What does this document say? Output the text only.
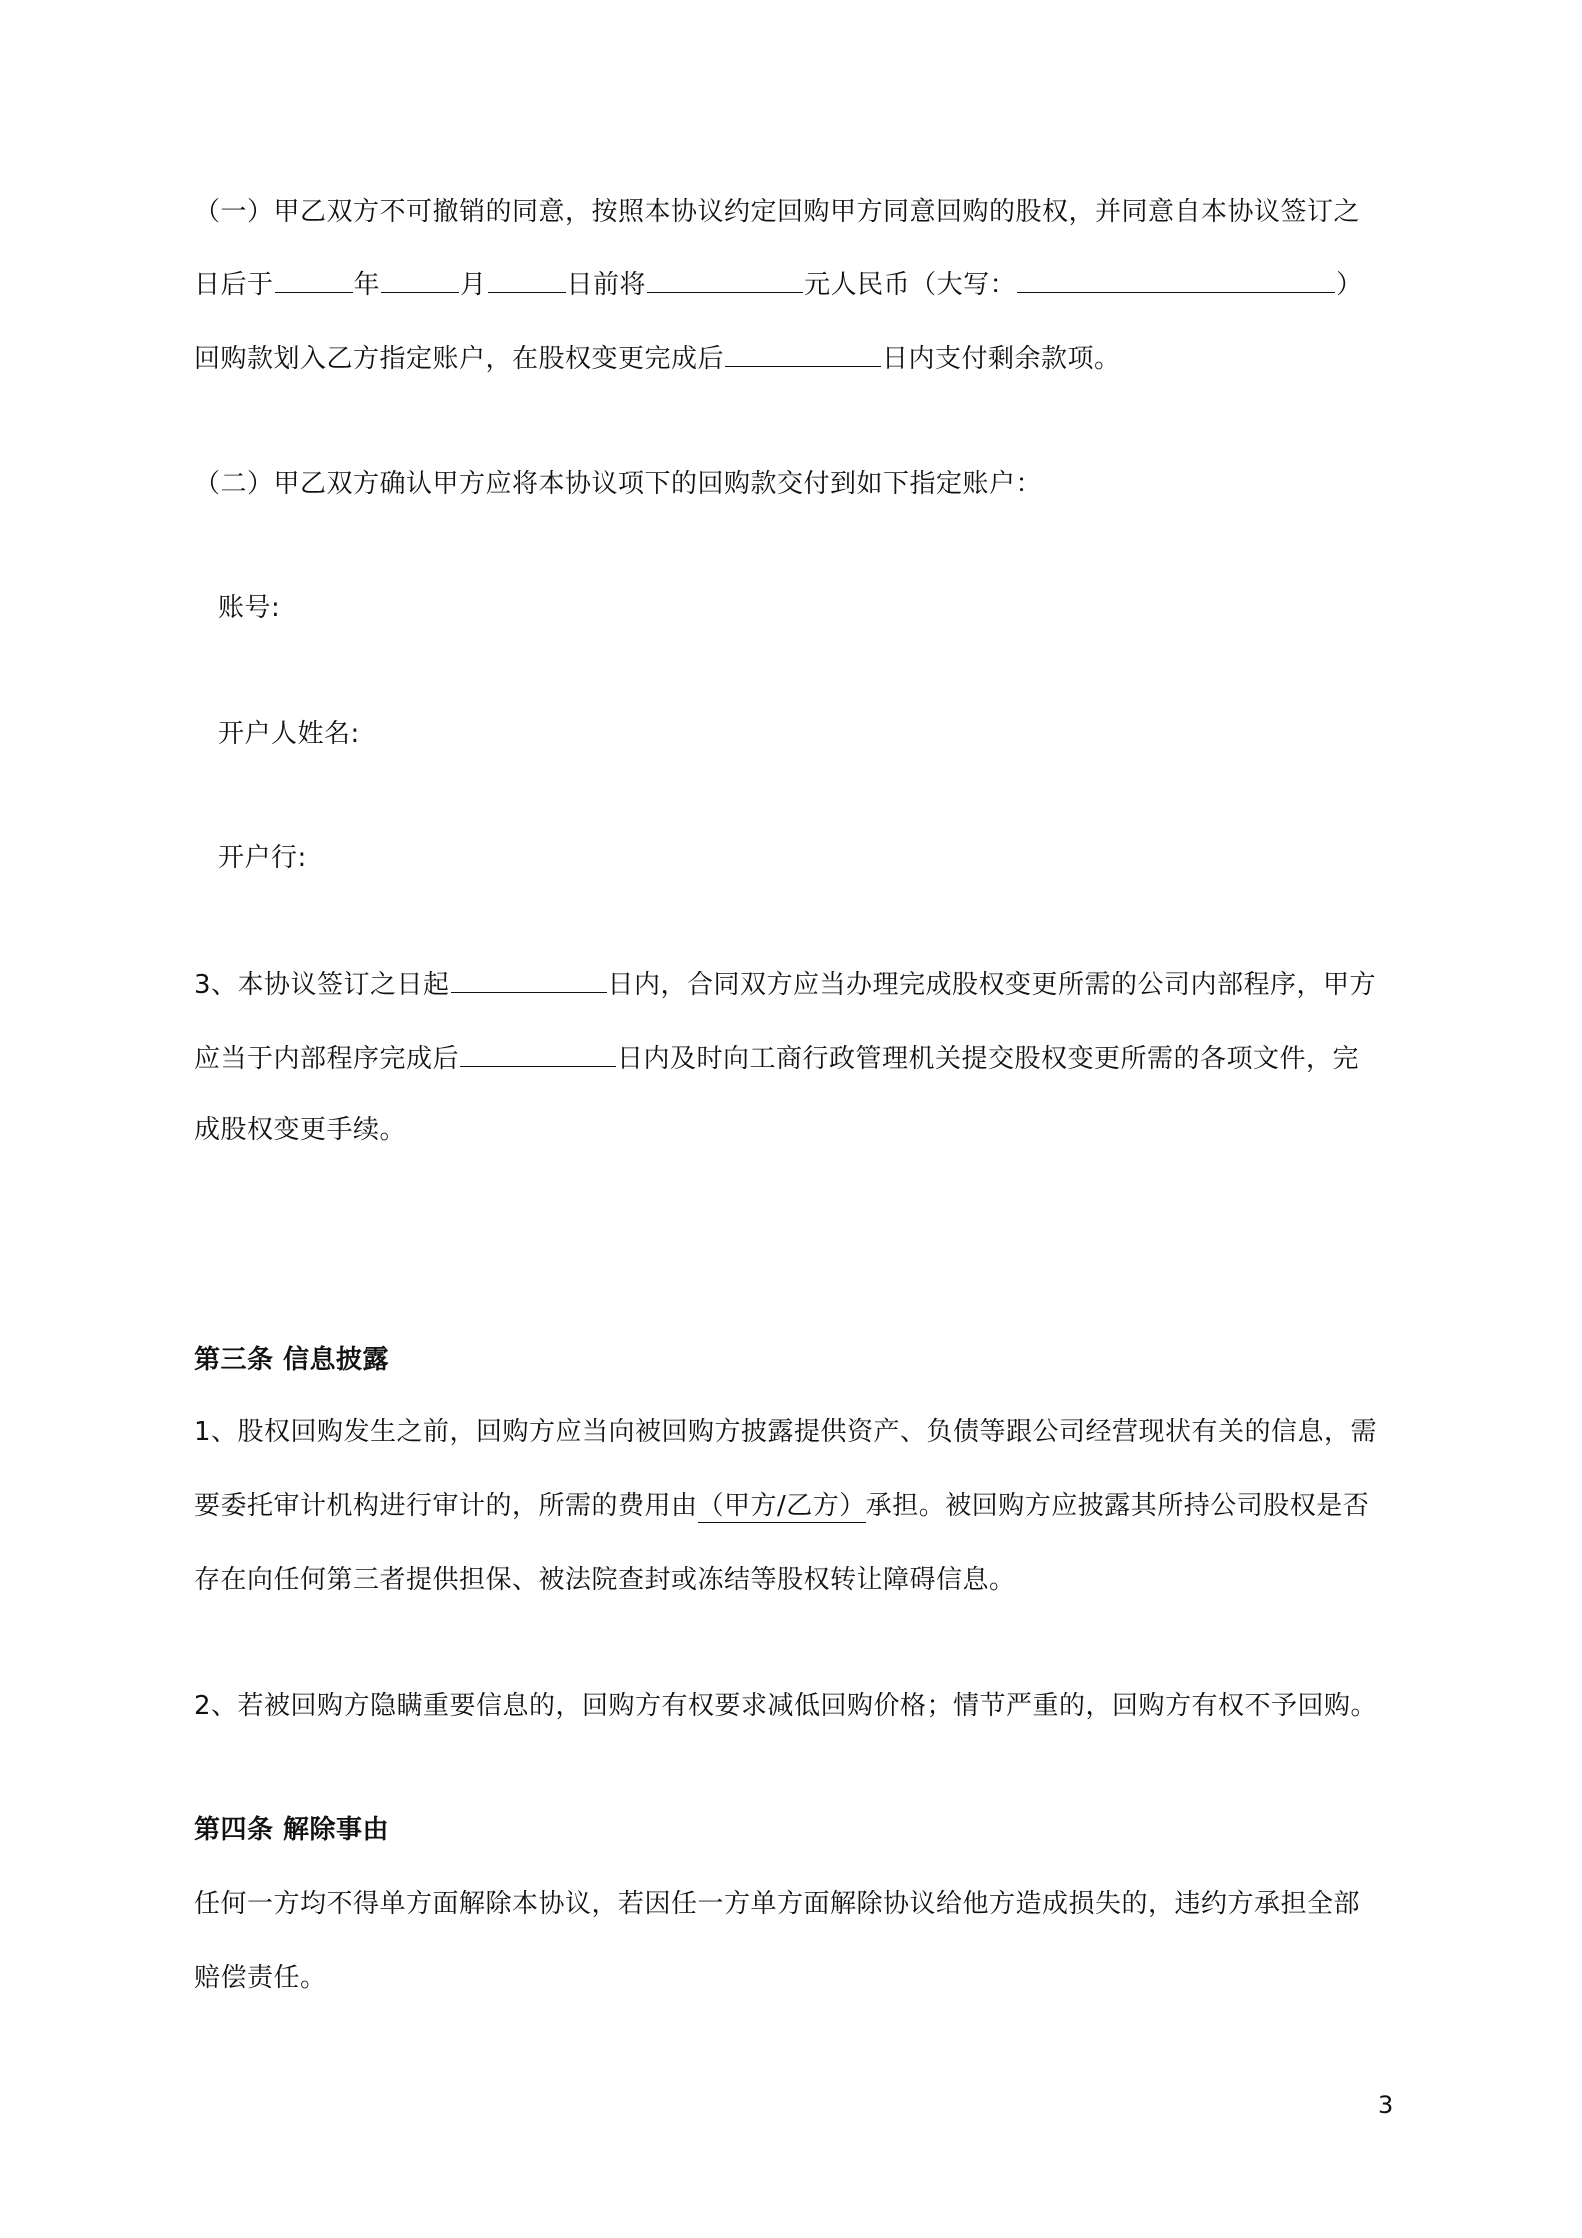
（一）甲乙双方不可撤销的同意，按照本协议约定回购甲方同意回购的股权，并同意自本协议签订之
日后于	年	月	日前将	元人民币（大写：	）
回购款划入乙方指定账户，在股权变更完成后	日内支付剩余款项。
（二）甲乙双方确认甲方应将本协议项下的回购款交付到如下指定账户：
账号:
开户人姓名:
开户行:
3、本协议签订之日起	日内，合同双方应当办理完成股权变更所需的公司内部程序，甲方
应当于内部程序完成后	日内及时向工商行政管理机关提交股权变更所需的各项文件，完
成股权变更手续。
第三条 信息披露
1、股权回购发生之前，回购方应当向被回购方披露提供资产、负债等跟公司经营现状有关的信息，需
要委托审计机构进行审计的，所需的费用由（甲方/乙方）承担。被回购方应披露其所持公司股权是否
存在向任何第三者提供担保、被法院查封或冻结等股权转让障碍信息。
2、若被回购方隐瞒重要信息的，回购方有权要求减低回购价格；情节严重的，回购方有权不予回购。
第四条 解除事由
任何一方均不得单方面解除本协议，若因任一方单方面解除协议给他方造成损失的，违约方承担全部
赔偿责任。
3
